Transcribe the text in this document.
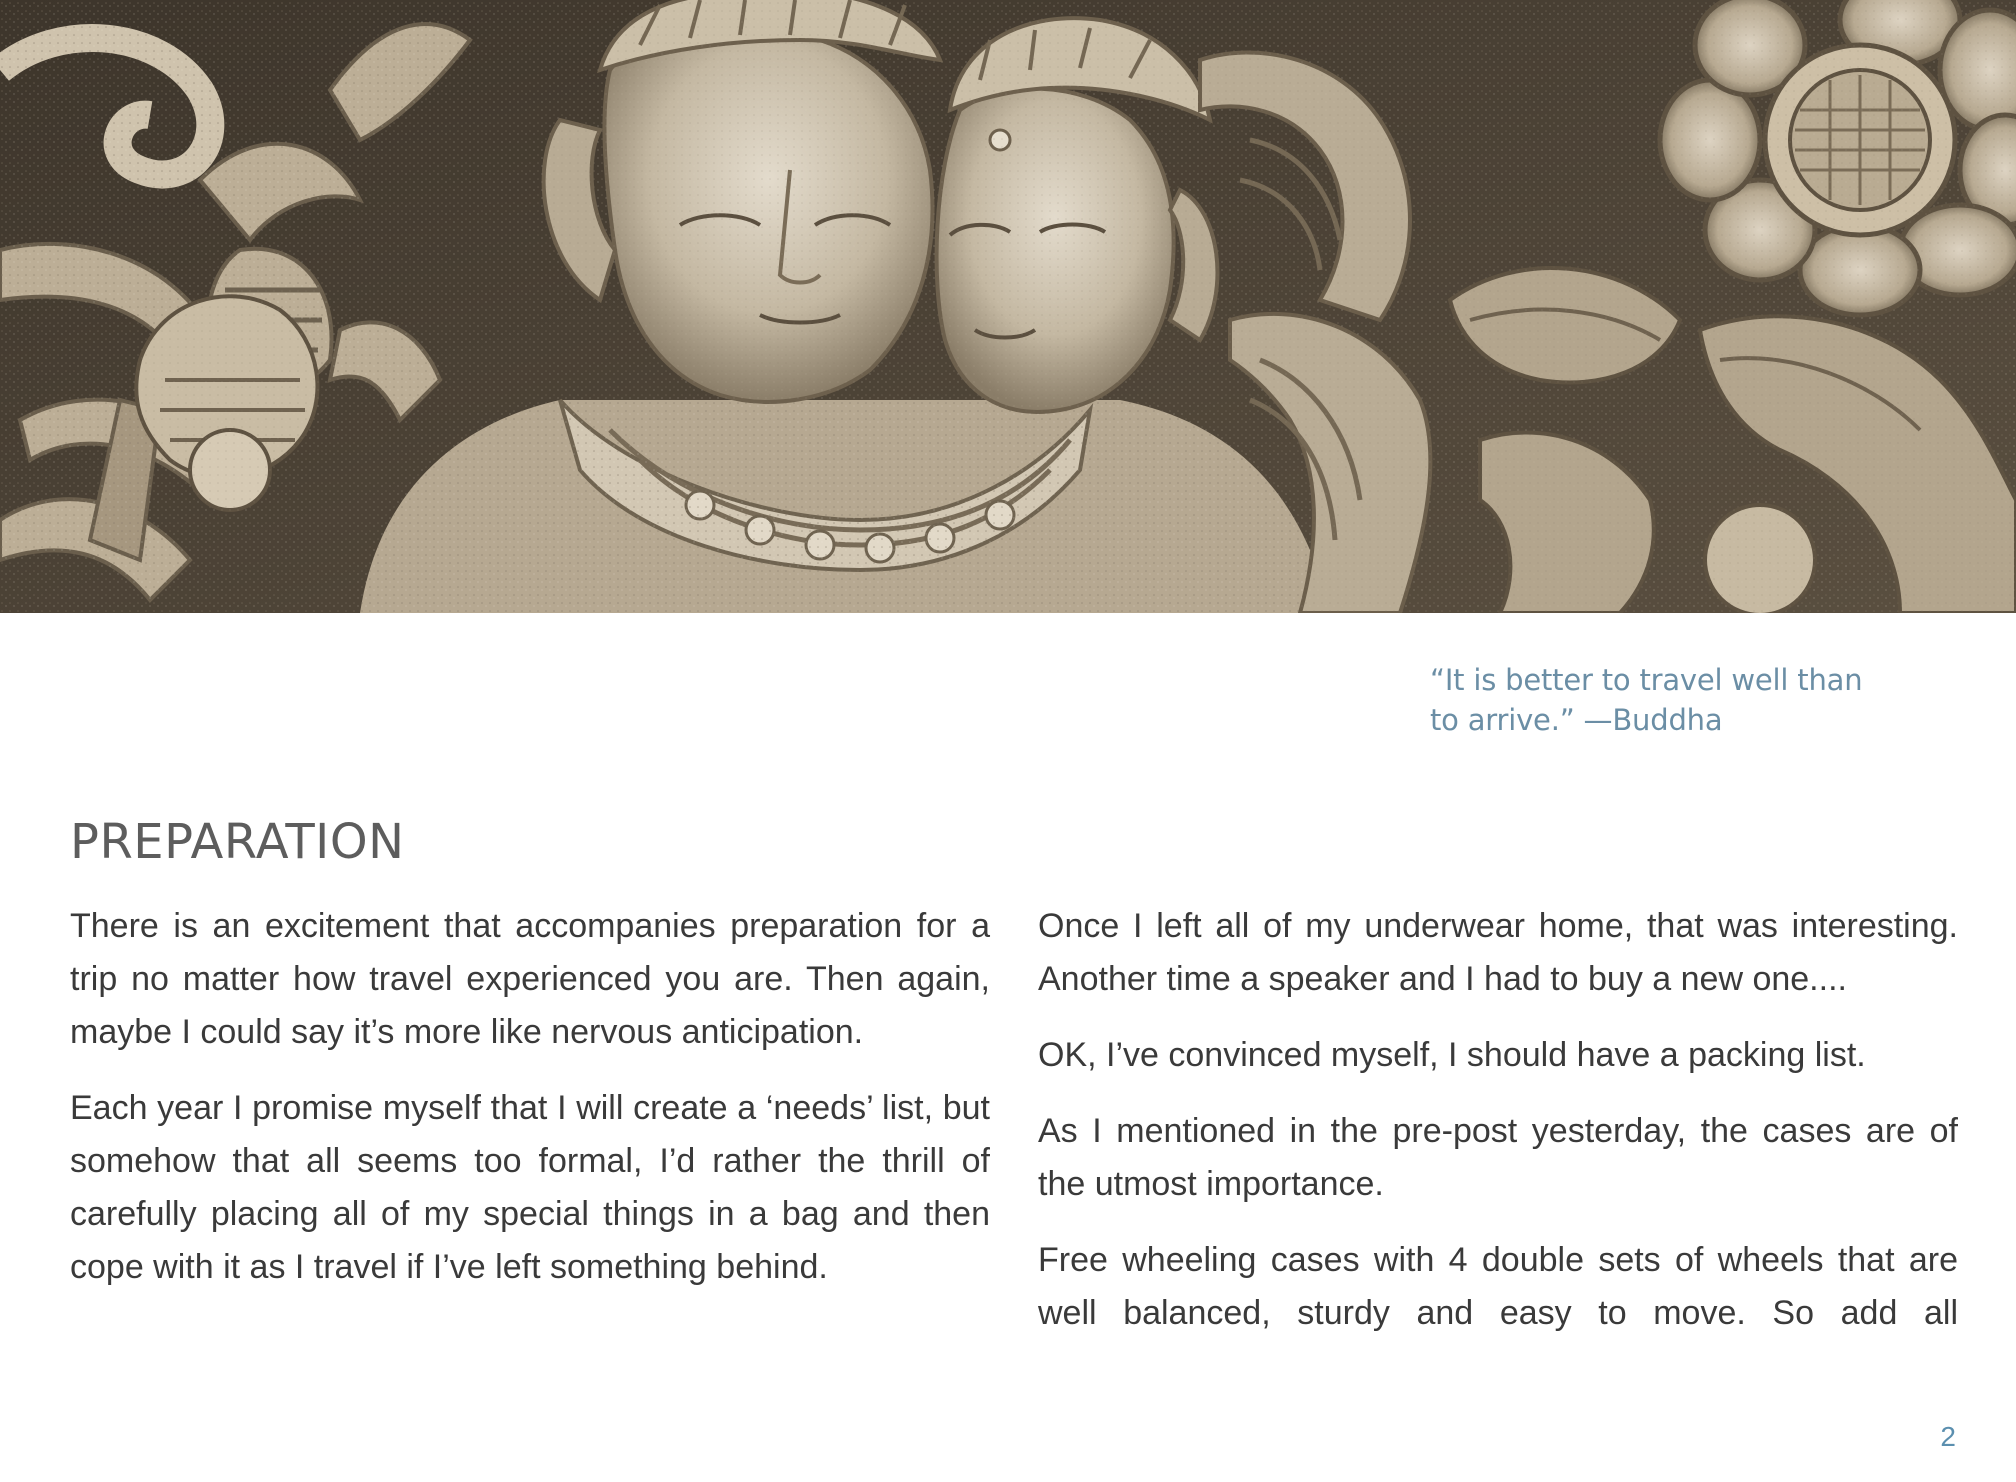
“It is better to travel well than to arrive.” —Buddha
PREPARATION

There is an excitement that accompanies preparation for a trip no matter how travel experienced you are. Then again, maybe I could say it’s more like nervous anticipation.

Each year I promise myself that I will create a ‘needs’ list, but somehow that all seems too formal, I’d rather the thrill of carefully placing all of my special things in a bag and then cope with it as I travel if I’ve left something behind.

Once I left all of my underwear home, that was interesting. Another time a speaker and I had to buy a new one....

OK, I’ve convinced myself, I should have a packing list.

As I mentioned in the pre-post yesterday, the cases are of the utmost importance.

Free wheeling cases with 4 double sets of wheels that are well balanced, sturdy and easy to move. So add all

2
